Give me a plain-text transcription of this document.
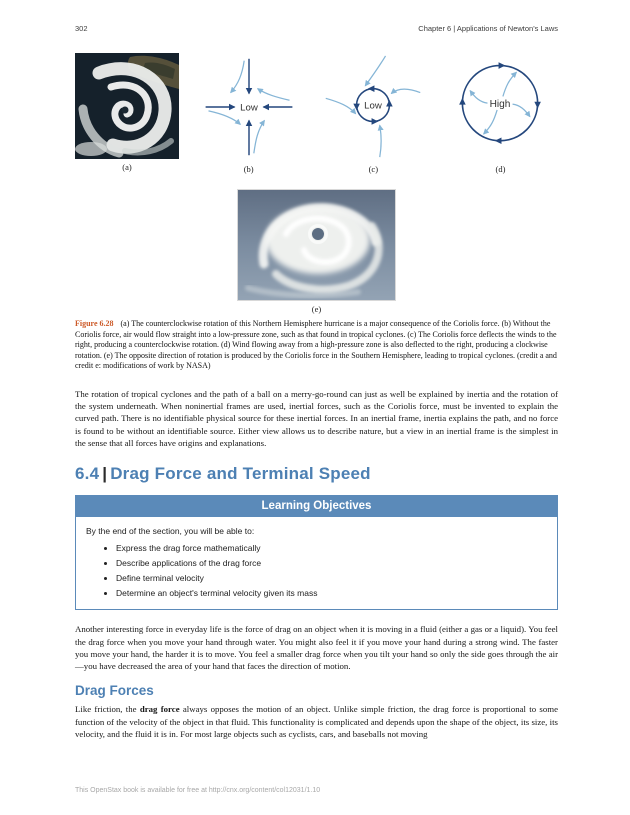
302	Chapter 6 | Applications of Newton's Laws
(a)
Low
(b)
Low
(c)
High
(d)
(e)
Figure 6.28 (a) The counterclockwise rotation of this Northern Hemisphere hurricane is a major consequence of the Coriolis force. (b) Without the Coriolis force, air would flow straight into a low-pressure zone, such as that found in tropical cyclones. (c) The Coriolis force deflects the winds to the right, producing a counterclockwise rotation. (d) Wind flowing away from a high-pressure zone is also deflected to the right, producing a clockwise rotation. (e) The opposite direction of rotation is produced by the Coriolis force in the Southern Hemisphere, leading to tropical cyclones. (credit a and credit e: modifications of work by NASA)

The rotation of tropical cyclones and the path of a ball on a merry-go-round can just as well be explained by inertia and the rotation of the system underneath. When noninertial frames are used, inertial forces, such as the Coriolis force, must be invented to explain the curved path. There is no identifiable physical source for these inertial forces. In an inertial frame, inertia explains the path, and no force is found to be without an identifiable source. Either view allows us to describe nature, but a view in an inertial frame is the simplest in the sense that all forces have origins and explanations.

6.4 | Drag Force and Terminal Speed
Learning Objectives
By the end of the section, you will be able to:
• Express the drag force mathematically
• Describe applications of the drag force
• Define terminal velocity
• Determine an object's terminal velocity given its mass

Another interesting force in everyday life is the force of drag on an object when it is moving in a fluid (either a gas or a liquid). You feel the drag force when you move your hand through water. You might also feel it if you move your hand during a strong wind. The faster you move your hand, the harder it is to move. You feel a smaller drag force when you tilt your hand so only the side goes through the air—you have decreased the area of your hand that faces the direction of motion.

Drag Forces

Like friction, the drag force always opposes the motion of an object. Unlike simple friction, the drag force is proportional to some function of the velocity of the object in that fluid. This functionality is complicated and depends upon the shape of the object, its size, its velocity, and the fluid it is in. For most large objects such as cyclists, cars, and baseballs not moving

This OpenStax book is available for free at http://cnx.org/content/col12031/1.10
